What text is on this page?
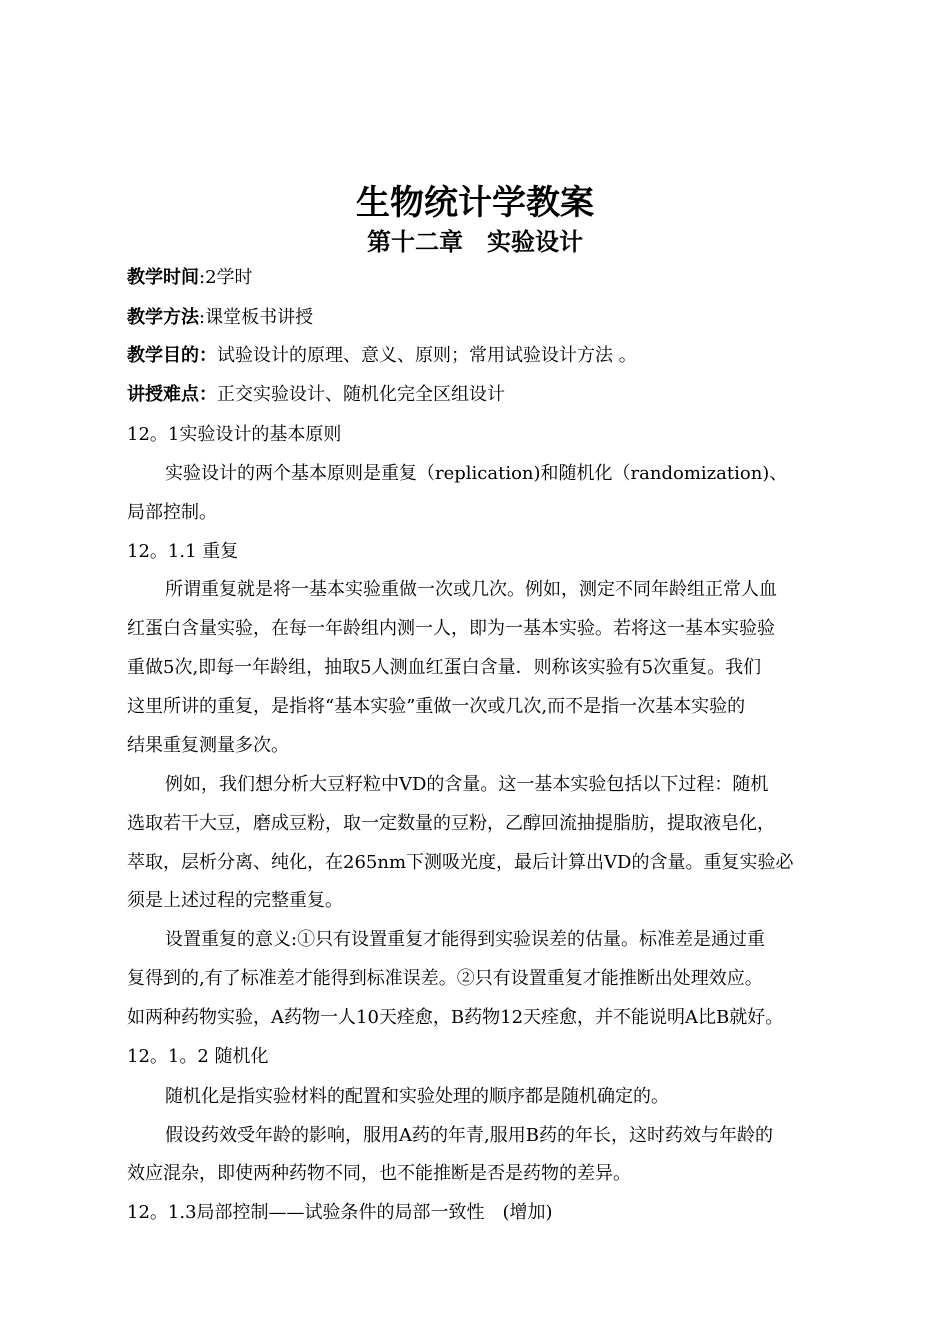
生物统计学教案
第十二章　实验设计
教学时间:2学时
教学方法:课堂板书讲授
教学目的：试验设计的原理、意义、原则；常用试验设计方法 。
讲授难点：正交实验设计、随机化完全区组设计
12。1实验设计的基本原则
实验设计的两个基本原则是重复（replication)和随机化（randomization)、
局部控制。
12。1.1 重复
所谓重复就是将一基本实验重做一次或几次。例如，测定不同年龄组正常人血
红蛋白含量实验，在每一年龄组内测一人，即为一基本实验。若将这一基本实验验
重做5次,即每一年龄组，抽取5人测血红蛋白含量．则称该实验有5次重复。我们
这里所讲的重复，是指将“基本实验”重做一次或几次,而不是指一次基本实验的
结果重复测量多次。
例如，我们想分析大豆籽粒中VD的含量。这一基本实验包括以下过程：随机
选取若干大豆，磨成豆粉，取一定数量的豆粉，乙醇回流抽提脂肪，提取液皂化，
萃取，层析分离、纯化，在265nm下测吸光度，最后计算出VD的含量。重复实验必
须是上述过程的完整重复。
设置重复的意义:①只有设置重复才能得到实验误差的估量。标准差是通过重
复得到的,有了标准差才能得到标准误差。②只有设置重复才能推断出处理效应。
如两种药物实验，A药物一人10天痊愈，B药物12天痊愈，并不能说明A比B就好。
12。1。2 随机化
随机化是指实验材料的配置和实验处理的顺序都是随机确定的。
假设药效受年龄的影响，服用A药的年青,服用B药的年长，这时药效与年龄的
效应混杂，即使两种药物不同，也不能推断是否是药物的差异。
12。1.3局部控制——试验条件的局部一致性　(增加)
